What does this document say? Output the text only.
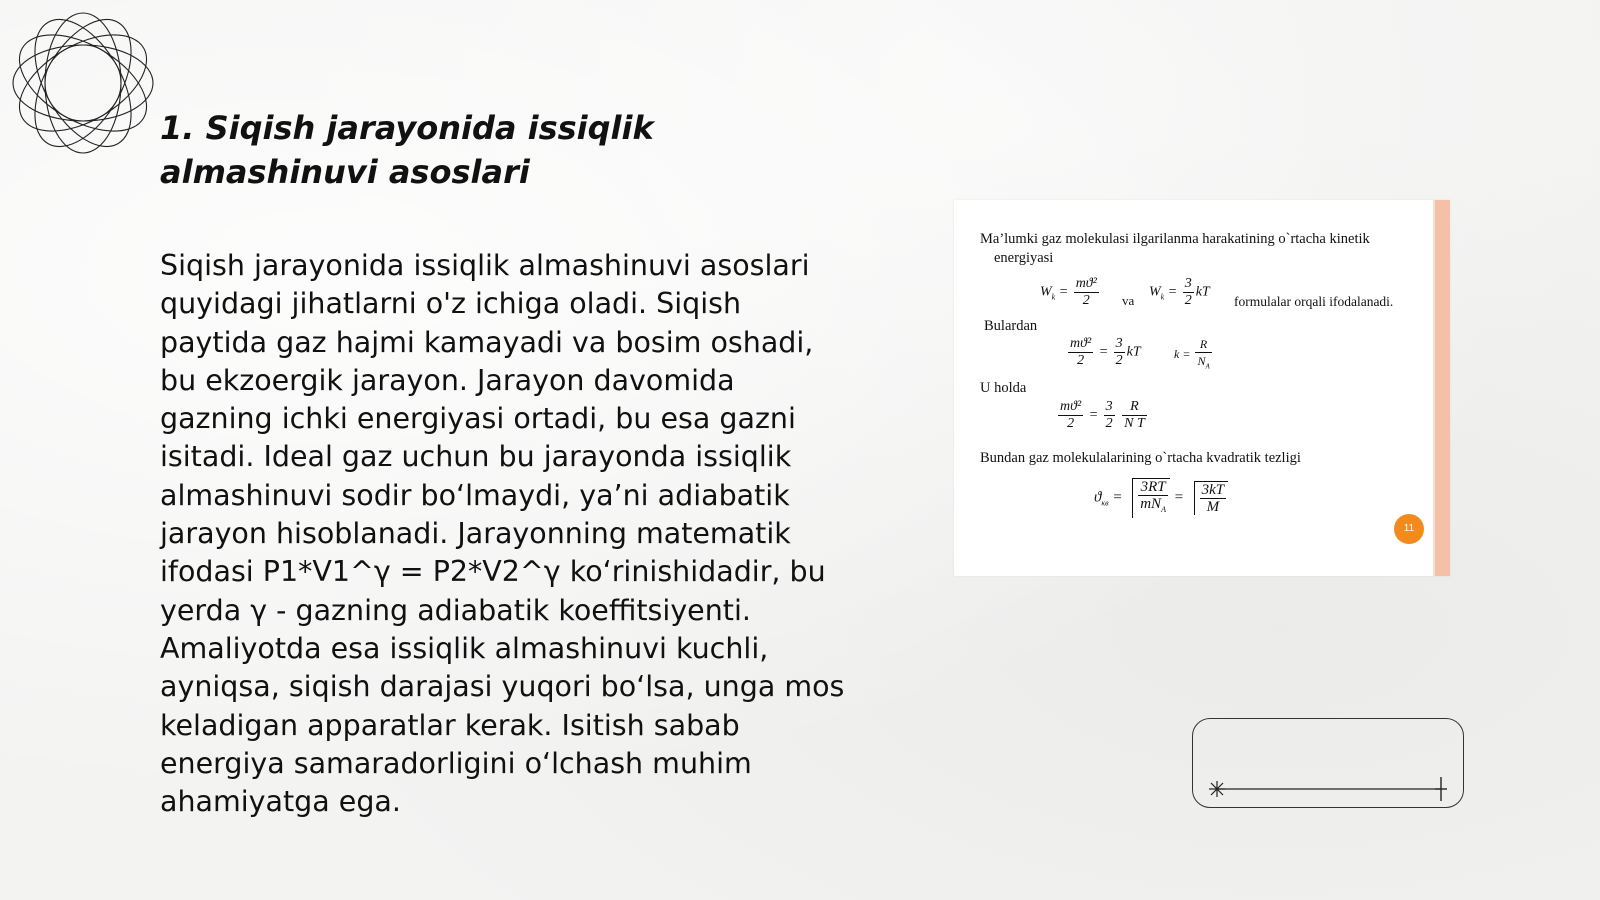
1. Siqish jarayonida issiqlik almashinuvi asoslari

Siqish jarayonida issiqlik almashinuvi asoslari quyidagi jihatlarni o'z ichiga oladi. Siqish paytida gaz hajmi kamayadi va bosim oshadi, bu ekzoergik jarayon. Jarayon davomida gazning ichki energiyasi ortadi, bu esa gazni isitadi. Ideal gaz uchun bu jarayonda issiqlik almashinuvi sodir bo‘lmaydi, ya’ni adiabatik jarayon hisoblanadi. Jarayonning matematik ifodasi P1*V1^γ = P2*V2^γ ko‘rinishidadir, bu yerda γ - gazning adiabatik koeffitsiyenti. Amaliyotda esa issiqlik almashinuvi kuchli, ayniqsa, siqish darajasi yuqori bo‘lsa, unga mos keladigan apparatlar kerak. Isitish sabab energiya samaradorligini o‘lchash muhim ahamiyatga ega.

Ma’lumki gaz molekulasi ilgarilanma harakatining o`rtacha kinetik
energiyasi
$W_k = \frac{\text{mϑ²}}{2}$ va
$W_k = \frac{3}{2}$ kT
formulalar orqali ifodalanadi.
Bulardan
$\frac{\text{mϑ²}}{2} = \frac{3}{2}$ kT	$k = \frac{R}{N_A}$
U holda
$\frac{\text{mϑ²}}{2} = \frac{3}{2}$
$\frac{R}{\text{N T}}$
Bundan gaz molekulalarining o`rtacha kvadratik tezligi
$ϑ_{кв} = \frac{3RT}{mN_A} = \frac{3kT}{M}$
11
